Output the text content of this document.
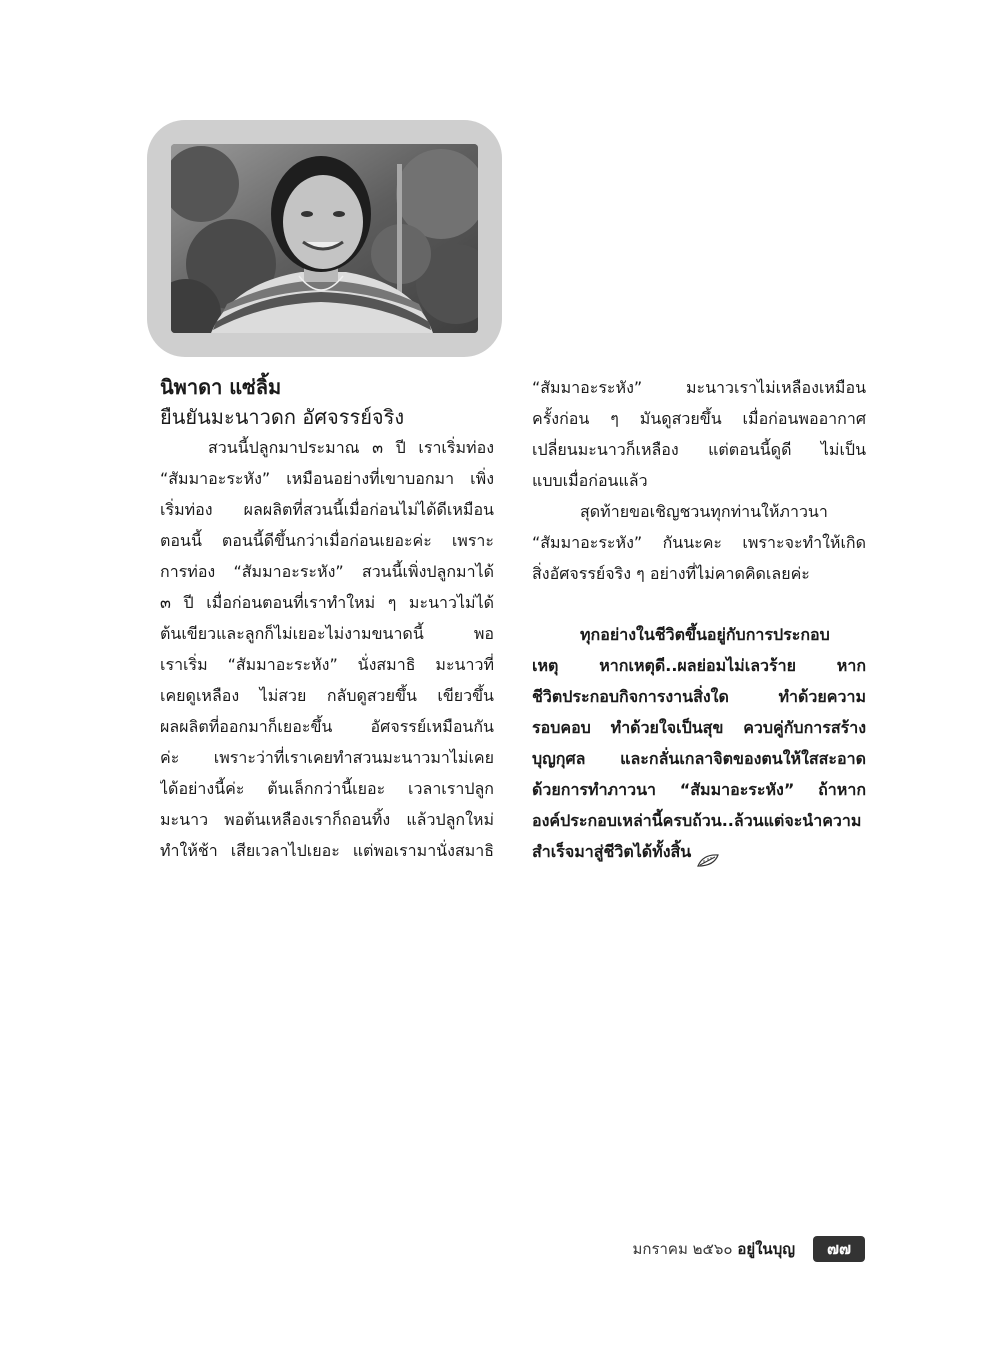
นิพาดา แซ่ลิ้ม

ยืนยันมะนาวดก อัศจรรย์จริง

สวนนี้ปลูกมาประมาณ ๓ ปี เราเริ่มท่อง
“สัมมาอะระหัง” เหมือนอย่างที่เขาบอกมา เพิ่ง
เริ่มท่อง ผลผลิตที่สวนนี้เมื่อก่อนไม่ได้ดีเหมือน
ตอนนี้ ตอนนี้ดีขึ้นกว่าเมื่อก่อนเยอะค่ะ เพราะ
การท่อง “สัมมาอะระหัง” สวนนี้เพิ่งปลูกมาได้
๓ ปี เมื่อก่อนตอนที่เราทำใหม่ ๆ มะนาวไม่ได้
ต้นเขียวและลูกก็ไม่เยอะไม่งามขนาดนี้ พอ
เราเริ่ม “สัมมาอะระหัง” นั่งสมาธิ มะนาวที่
เคยดูเหลือง ไม่สวย กลับดูสวยขึ้น เขียวขึ้น
ผลผลิตที่ออกมาก็เยอะขึ้น อัศจรรย์เหมือนกัน
ค่ะ เพราะว่าที่เราเคยทำสวนมะนาวมาไม่เคย
ได้อย่างนี้ค่ะ ต้นเล็กกว่านี้เยอะ เวลาเราปลูก
มะนาว พอต้นเหลืองเราก็ถอนทิ้ง แล้วปลูกใหม่
ทำให้ช้า เสียเวลาไปเยอะ แต่พอเรามานั่งสมาธิ
“สัมมาอะระหัง” มะนาวเราไม่เหลืองเหมือน
ครั้งก่อน ๆ มันดูสวยขึ้น เมื่อก่อนพออากาศ
เปลี่ยนมะนาวก็เหลือง แต่ตอนนี้ดูดี ไม่เป็น
แบบเมื่อก่อนแล้ว
สุดท้ายขอเชิญชวนทุกท่านให้ภาวนา
“สัมมาอะระหัง” กันนะคะ เพราะจะทำให้เกิด
สิ่งอัศจรรย์จริง ๆ อย่างที่ไม่คาดคิดเลยค่ะ
ทุกอย่างในชีวิตขึ้นอยู่กับการประกอบ
เหตุ หากเหตุดี..ผลย่อมไม่เลวร้าย หาก
ชีวิตประกอบกิจการงานสิ่งใด ทำด้วยความ
รอบคอบ ทำด้วยใจเป็นสุข ควบคู่กับการสร้าง
บุญกุศล และกลั่นเกลาจิตของตนให้ใสสะอาด
ด้วยการทำภาวนา “สัมมาอะระหัง” ถ้าหาก
องค์ประกอบเหล่านี้ครบถ้วน..ล้วนแต่จะนำความ
สำเร็จมาสู่ชีวิตได้ทั้งสิ้น
มกราคม ๒๕๖๐ อยู่ในบุญ	๗๗
